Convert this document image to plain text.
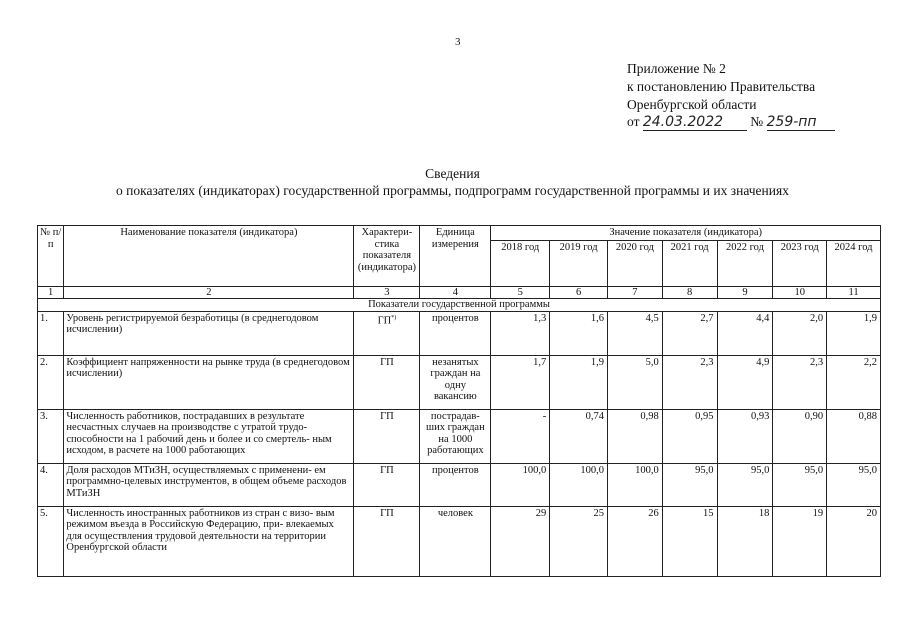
3
Приложение № 2
к постановлению Правительства
Оренбургской области
от 24.03.2022 № 259-пп
Сведения
о показателях (индикаторах) государственной программы, подпрограмм государственной программы и их значениях
№ п/п	Наименование показателя (индикатора)	Характери- стика показателя (индикатора)	Единица измерения	Значение показателя (индикатора)						
				2018 год	2019 год	2020 год	2021 год	2022 год	2023 год	2024 год
1	2	3	4	5	6	7	8	9	10	11
Показатели государственной программы										
1.	Уровень регистрируемой безработицы (в среднегодовом исчислении)	ГП*)	процентов	1,3	1,6	4,5	2,7	4,4	2,0	1,9
2.	Коэффициент напряженности на рынке труда (в среднегодовом исчислении)	ГП	незанятых граждан на одну вакансию	1,7	1,9	5,0	2,3	4,9	2,3	2,2
3.	Численность работников, пострадавших в результате несчастных случаев на производстве с утратой трудо- способности на 1 рабочий день и более и со смертель- ным исходом, в расчете на 1000 работающих	ГП	пострадав- ших граждан на 1000 работающих	-	0,74	0,98	0,95	0,93	0,90	0,88
4.	Доля расходов МТиЗН, осуществляемых с применени- ем программно-целевых инструментов, в общем объеме расходов МТиЗН	ГП	процентов	100,0	100,0	100,0	95,0	95,0	95,0	95,0
5.	Численность иностранных работников из стран с визо- вым режимом въезда в Российскую Федерацию, при- влекаемых для осуществления трудовой деятельности на территории Оренбургской области	ГП	человек	29	25	26	15	18	19	20
